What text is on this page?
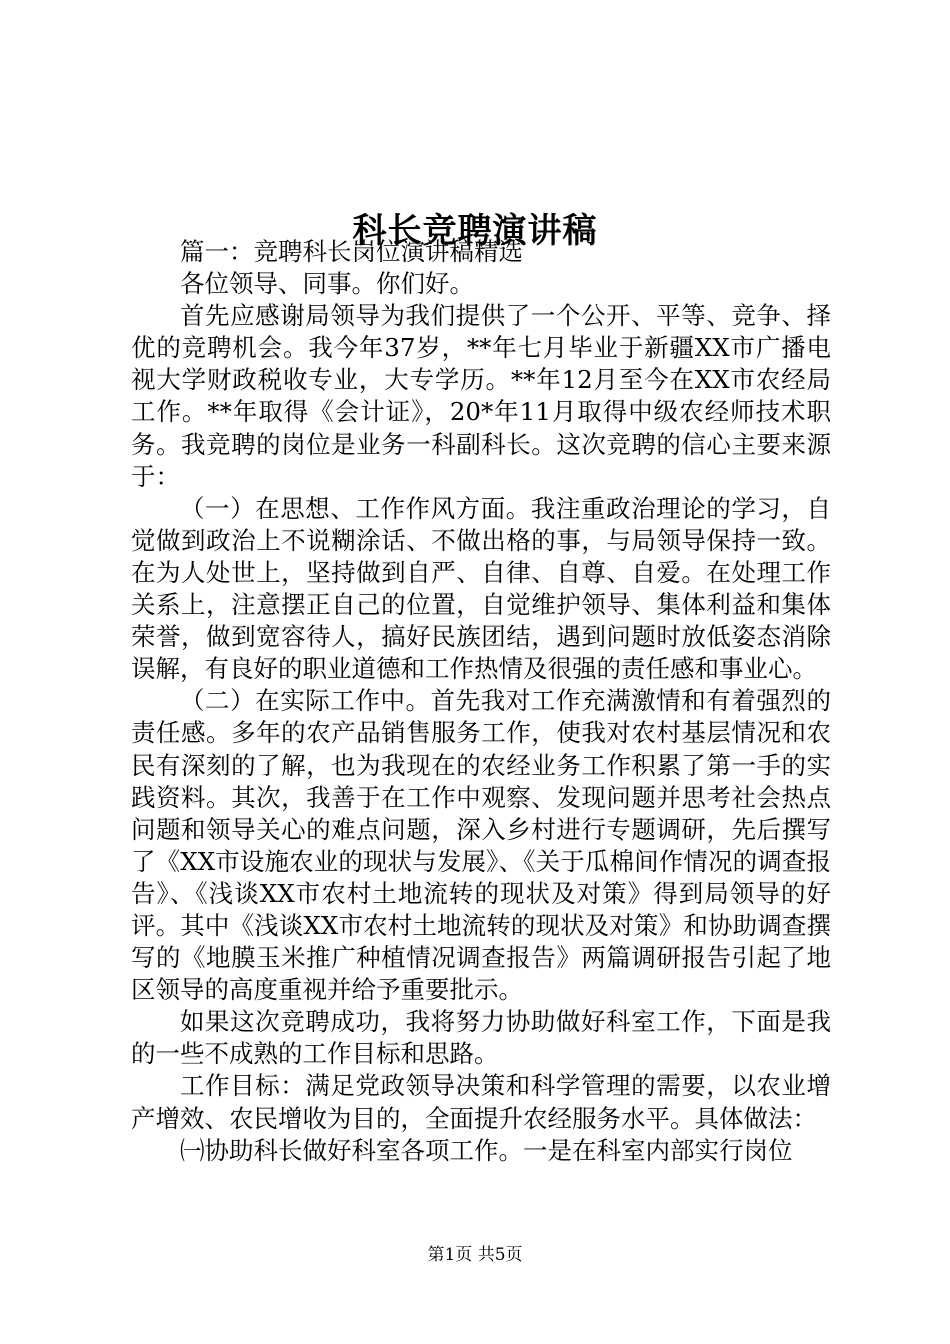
科长竞聘演讲稿

篇一：竞聘科长岗位演讲稿精选

各位领导、同事。你们好。

首先应感谢局领导为我们提供了一个公开、平等、竞争、择优的竞聘机会。我今年37岁，**年七月毕业于新疆XX市广播电视大学财政税收专业，大专学历。**年12月至今在XX市农经局工作。**年取得《会计证》，20*年11月取得中级农经师技术职务。我竞聘的岗位是业务一科副科长。这次竞聘的信心主要来源于：

（一）在思想、工作作风方面。我注重政治理论的学习，自觉做到政治上不说糊涂话、不做出格的事，与局领导保持一致。在为人处世上，坚持做到自严、自律、自尊、自爱。在处理工作关系上，注意摆正自己的位置，自觉维护领导、集体利益和集体荣誉，做到宽容待人，搞好民族团结，遇到问题时放低姿态消除误解，有良好的职业道德和工作热情及很强的责任感和事业心。

（二）在实际工作中。首先我对工作充满激情和有着强烈的责任感。多年的农产品销售服务工作，使我对农村基层情况和农民有深刻的了解，也为我现在的农经业务工作积累了第一手的实践资料。其次，我善于在工作中观察、发现问题并思考社会热点问题和领导关心的难点问题，深入乡村进行专题调研，先后撰写了《XX市设施农业的现状与发展》、《关于瓜棉间作情况的调查报告》、《浅谈XX市农村土地流转的现状及对策》得到局领导的好评。其中《浅谈XX市农村土地流转的现状及对策》和协助调查撰写的《地膜玉米推广种植情况调查报告》两篇调研报告引起了地区领导的高度重视并给予重要批示。

如果这次竞聘成功，我将努力协助做好科室工作，下面是我的一些不成熟的工作目标和思路。

工作目标：满足党政领导决策和科学管理的需要，以农业增产增效、农民增收为目的，全面提升农经服务水平。具体做法：

㈠协助科长做好科室各项工作。一是在科室内部实行岗位

第1页 共5页
